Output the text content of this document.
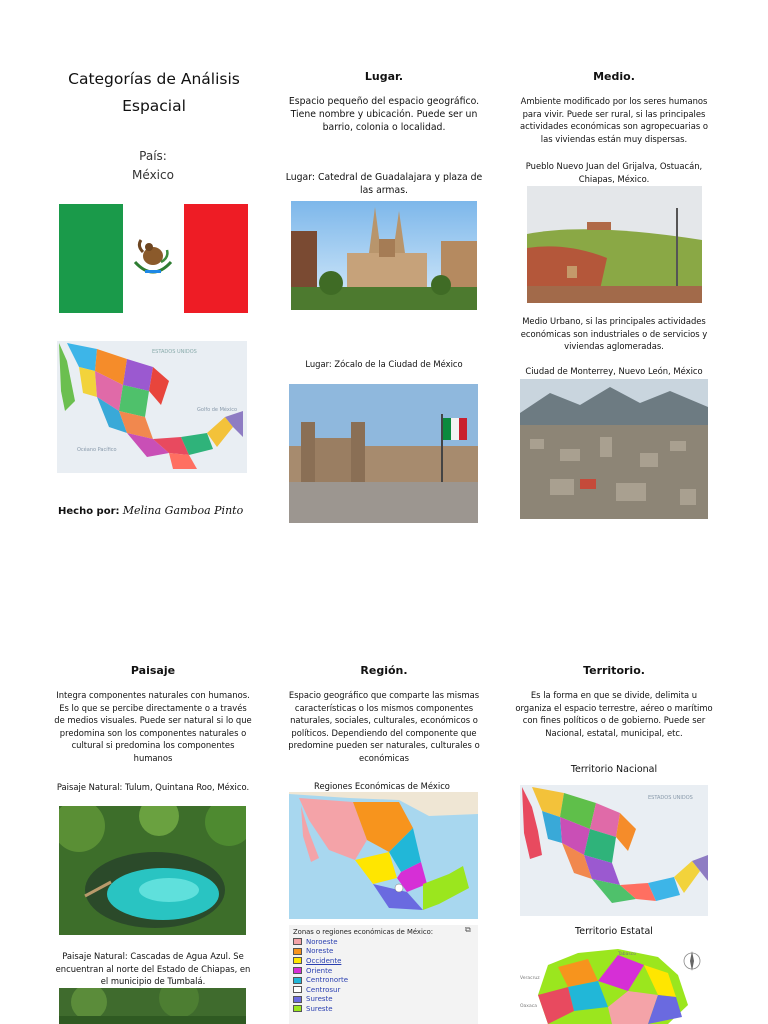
Categorías de Análisis Espacial
País:
México
ESTADOS UNIDOS
Golfo de México
Océano Pacífico
Hecho por: Melina Gamboa Pinto
Lugar.
Espacio pequeño del espacio geográfico. Tiene nombre y ubicación. Puede ser un barrio, colonia o localidad.
Lugar: Catedral de Guadalajara y plaza de las armas.
Lugar: Zócalo de la Ciudad de México
Medio.
Ambiente modificado por los seres humanos para vivir. Puede ser rural, si las principales actividades económicas son agropecuarias o las viviendas están muy dispersas.
Pueblo Nuevo Juan del Grijalva, Ostuacán, Chiapas, México.
Medio Urbano, si las principales actividades económicas son industriales o de servicios y viviendas aglomeradas.
Ciudad de Monterrey, Nuevo León, México
Paisaje
Integra componentes naturales con humanos. Es lo que se percibe directamente o a través de medios visuales. Puede ser natural si lo que predomina son los componentes naturales o cultural si predomina los componentes humanos
Paisaje Natural: Tulum, Quintana Roo, México.
Paisaje Natural: Cascadas de Agua Azul. Se encuentran al norte del Estado de Chiapas, en el municipio de Tumbalá.
Región.
Espacio geográfico que comparte las mismas características o los mismos componentes naturales, sociales, culturales, económicos o políticos. Dependiendo del componente que predomine pueden ser naturales, culturales o económicas
Regiones Económicas de México
Zonas o regiones económicas de México:	⧉
Noroeste
Noreste
Occidente
Oriente
Centronorte
Centrosur
Sureste
Sureste
Territorio.
Es la forma en que se divide, delimita u organiza el espacio terrestre, aéreo o marítimo con fines políticos o de gobierno. Puede ser Nacional, estatal, municipal, etc.
Territorio Nacional
ESTADOS UNIDOS
Territorio Estatal
Veracruz
Oaxaca
Tabasco
